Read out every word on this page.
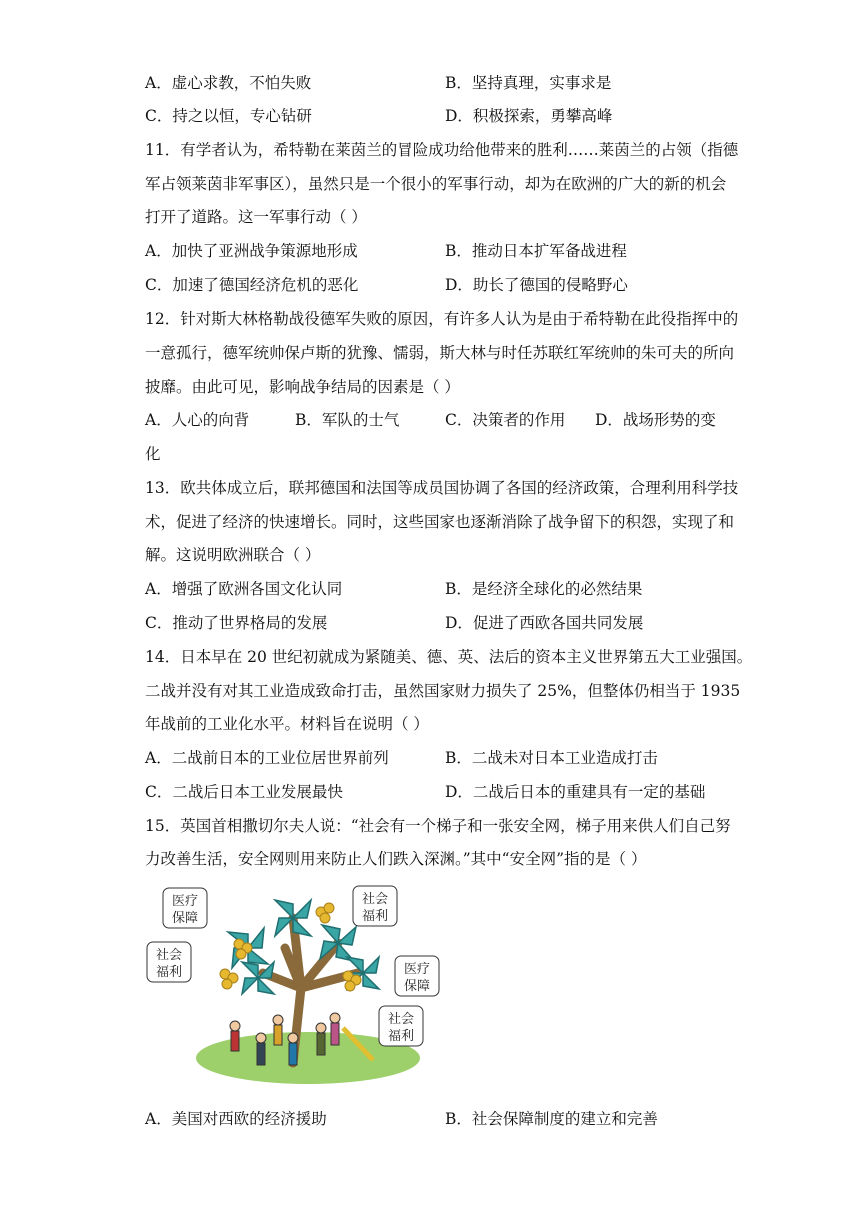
A．虚心求教，不怕失败	B．坚持真理，实事求是
C．持之以恒，专心钻研	D．积极探索，勇攀高峰
11．有学者认为，希特勒在莱茵兰的冒险成功给他带来的胜利……莱茵兰的占领（指德
军占领莱茵非军事区），虽然只是一个很小的军事行动，却为在欧洲的广大的新的机会
打开了道路。这一军事行动（ ）
A．加快了亚洲战争策源地形成	B．推动日本扩军备战进程
C．加速了德国经济危机的恶化	D．助长了德国的侵略野心
12．针对斯大林格勒战役德军失败的原因，有许多人认为是由于希特勒在此役指挥中的
一意孤行，德军统帅保卢斯的犹豫、懦弱，斯大林与时任苏联红军统帅的朱可夫的所向
披靡。由此可见，影响战争结局的因素是（ ）
A．人心的向背	B．军队的士气	C．决策者的作用 D．战场形势的变
化
13．欧共体成立后，联邦德国和法国等成员国协调了各国的经济政策，合理利用科学技
术，促进了经济的快速增长。同时，这些国家也逐渐消除了战争留下的积怨，实现了和
解。这说明欧洲联合（ ）
A．增强了欧洲各国文化认同	B．是经济全球化的必然结果
C．推动了世界格局的发展	D．促进了西欧各国共同发展
14．日本早在 20 世纪初就成为紧随美、德、英、法后的资本主义世界第五大工业强国。
二战并没有对其工业造成致命打击，虽然国家财力损失了 25%，但整体仍相当于 1935
年战前的工业化水平。材料旨在说明（ ）
A．二战前日本的工业位居世界前列	B．二战未对日本工业造成打击
C．二战后日本工业发展最快	D．二战后日本的重建具有一定的基础
15．英国首相撒切尔夫人说：“社会有一个梯子和一张安全网，梯子用来供人们自己努
力改善生活，安全网则用来防止人们跌入深渊。”其中“安全网”指的是（ ）
医疗
保障
社会
福利
社会
福利	医疗
保障
社会
福利
A．美国对西欧的经济援助	B．社会保障制度的建立和完善
